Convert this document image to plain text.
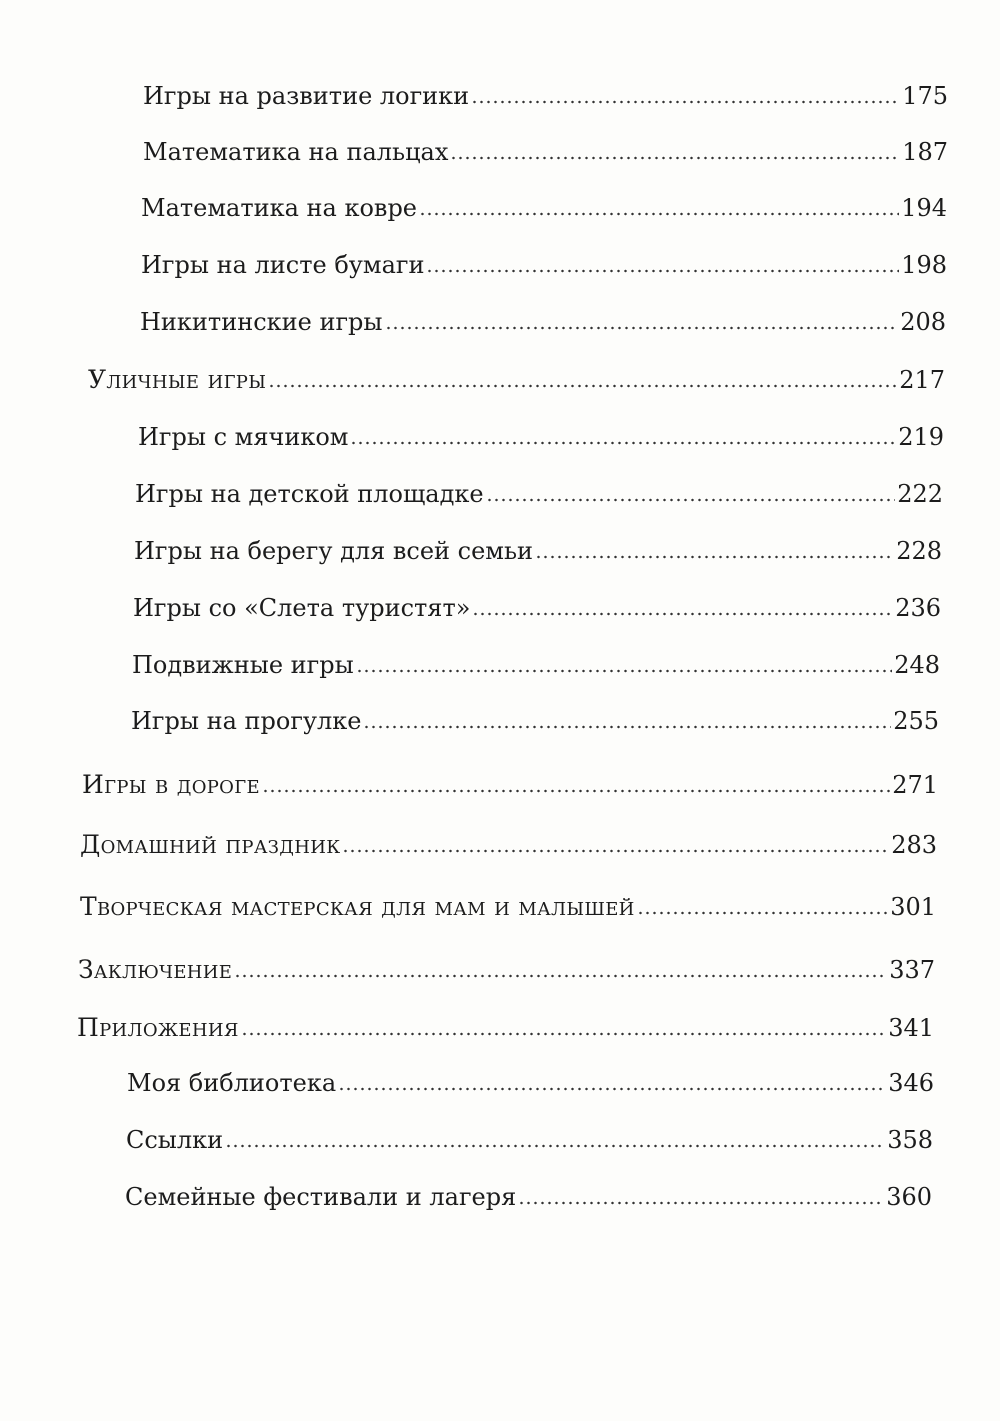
Игры на развитие логики	175
Математика на пальцах	187
Математика на ковре	194
Игры на листе бумаги	198
Никитинские игры	208
Уличные игры	217
Игры с мячиком	219
Игры на детской площадке	222
Игры на берегу для всей семьи	228
Игры со «Слета туристят»	236
Подвижные игры	248
Игры на прогулке	255
Игры в дороге	271
Домашний праздник	283
Творческая мастерская для мам и малышей	301
Заключение	337
Приложения	341
Моя библиотека	346
Ссылки	358
Семейные фестивали и лагеря	360
